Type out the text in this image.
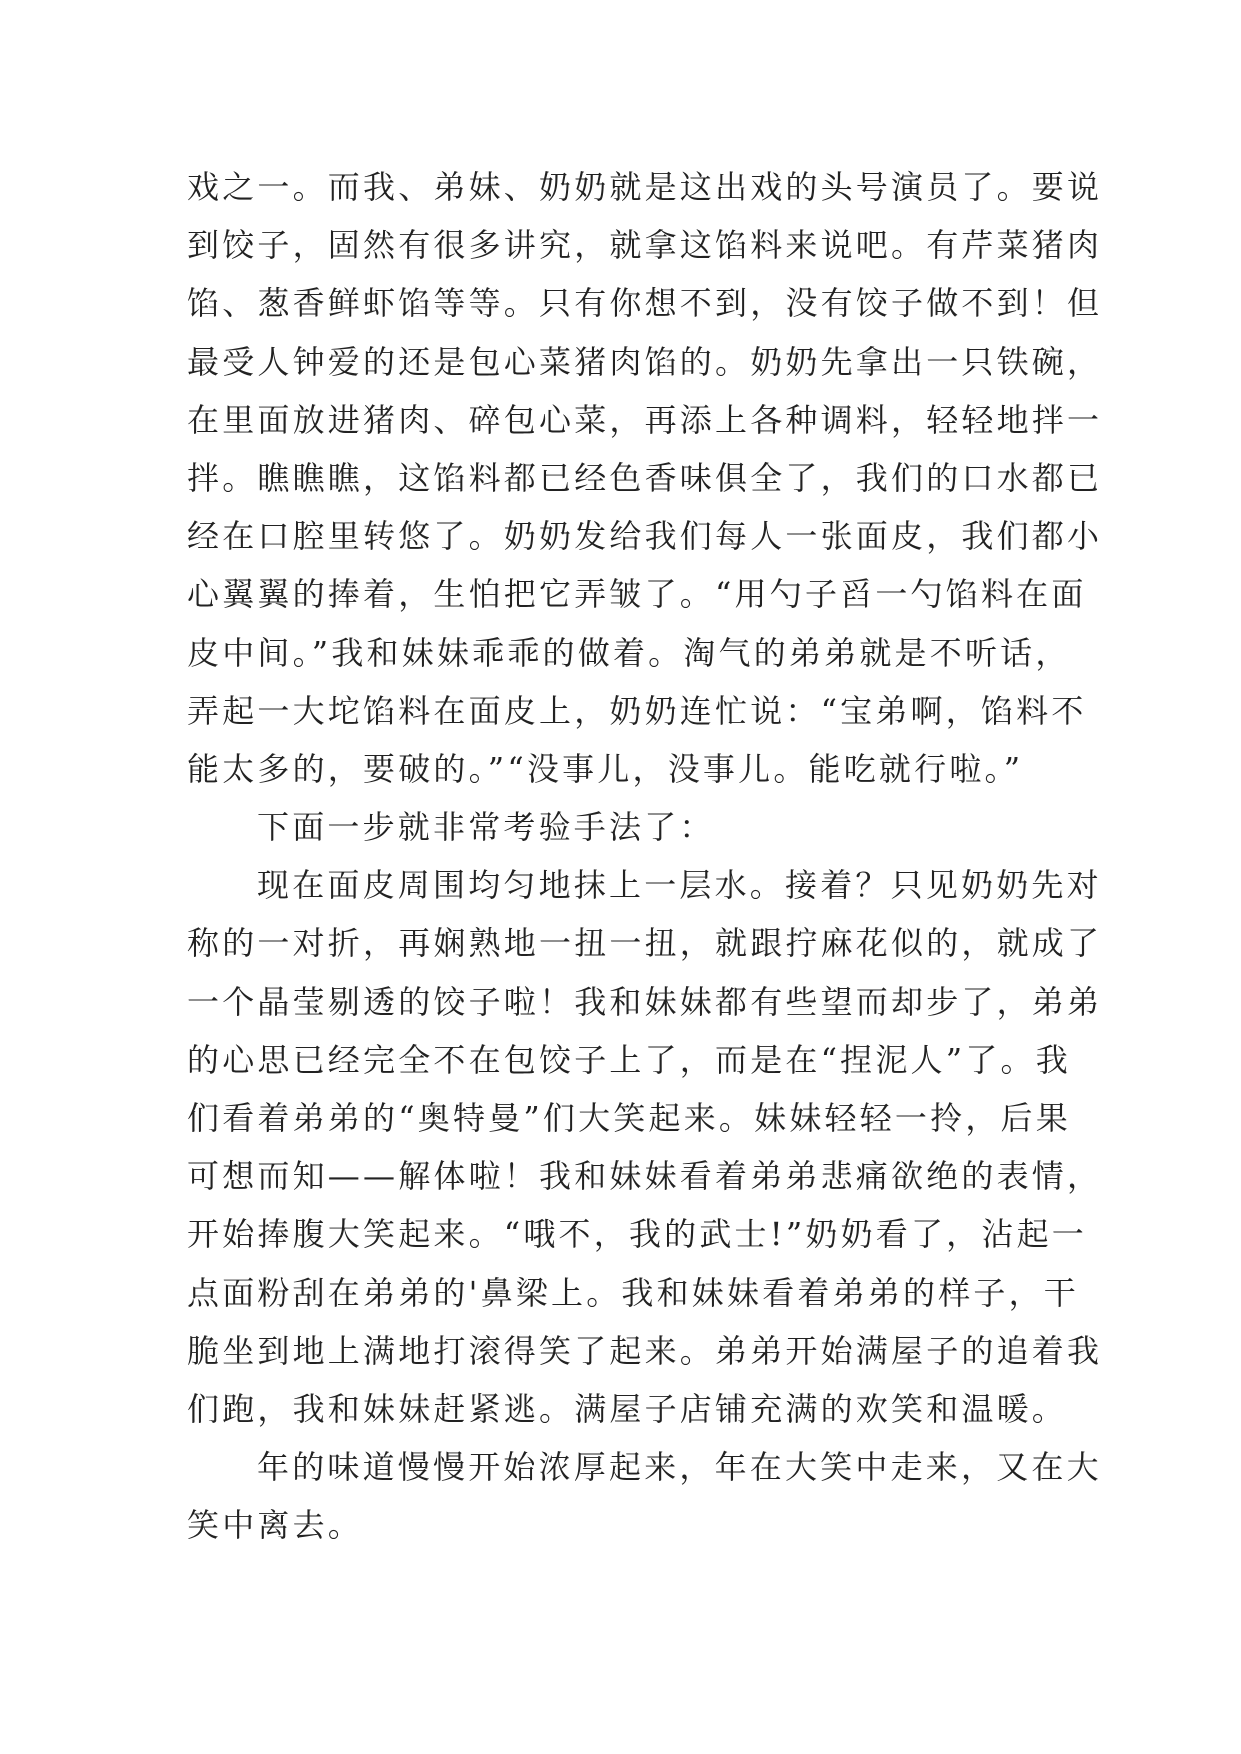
戏之一。而我、弟妹、奶奶就是这出戏的头号演员了。要说
到饺子，固然有很多讲究，就拿这馅料来说吧。有芹菜猪肉
馅、葱香鲜虾馅等等。只有你想不到，没有饺子做不到！但
最受人钟爱的还是包心菜猪肉馅的。奶奶先拿出一只铁碗，
在里面放进猪肉、碎包心菜，再添上各种调料，轻轻地拌一
拌。瞧瞧瞧，这馅料都已经色香味俱全了，我们的口水都已
经在口腔里转悠了。奶奶发给我们每人一张面皮，我们都小
心翼翼的捧着，生怕把它弄皱了。“用勺子舀一勺馅料在面
皮中间。”我和妹妹乖乖的做着。淘气的弟弟就是不听话，
弄起一大坨馅料在面皮上，奶奶连忙说：“宝弟啊，馅料不
能太多的，要破的。”“没事儿，没事儿。能吃就行啦。”
下面一步就非常考验手法了：
现在面皮周围均匀地抹上一层水。接着？只见奶奶先对
称的一对折，再娴熟地一扭一扭，就跟拧麻花似的，就成了
一个晶莹剔透的饺子啦！我和妹妹都有些望而却步了，弟弟
的心思已经完全不在包饺子上了，而是在“捏泥人”了。我
们看着弟弟的“奥特曼”们大笑起来。妹妹轻轻一拎，后果
可想而知——解体啦！我和妹妹看着弟弟悲痛欲绝的表情，
开始捧腹大笑起来。“哦不，我的武士!”奶奶看了，沾起一
点面粉刮在弟弟的'鼻梁上。我和妹妹看着弟弟的样子，干
脆坐到地上满地打滚得笑了起来。弟弟开始满屋子的追着我
们跑，我和妹妹赶紧逃。满屋子店铺充满的欢笑和温暖。
年的味道慢慢开始浓厚起来，年在大笑中走来，又在大
笑中离去。
